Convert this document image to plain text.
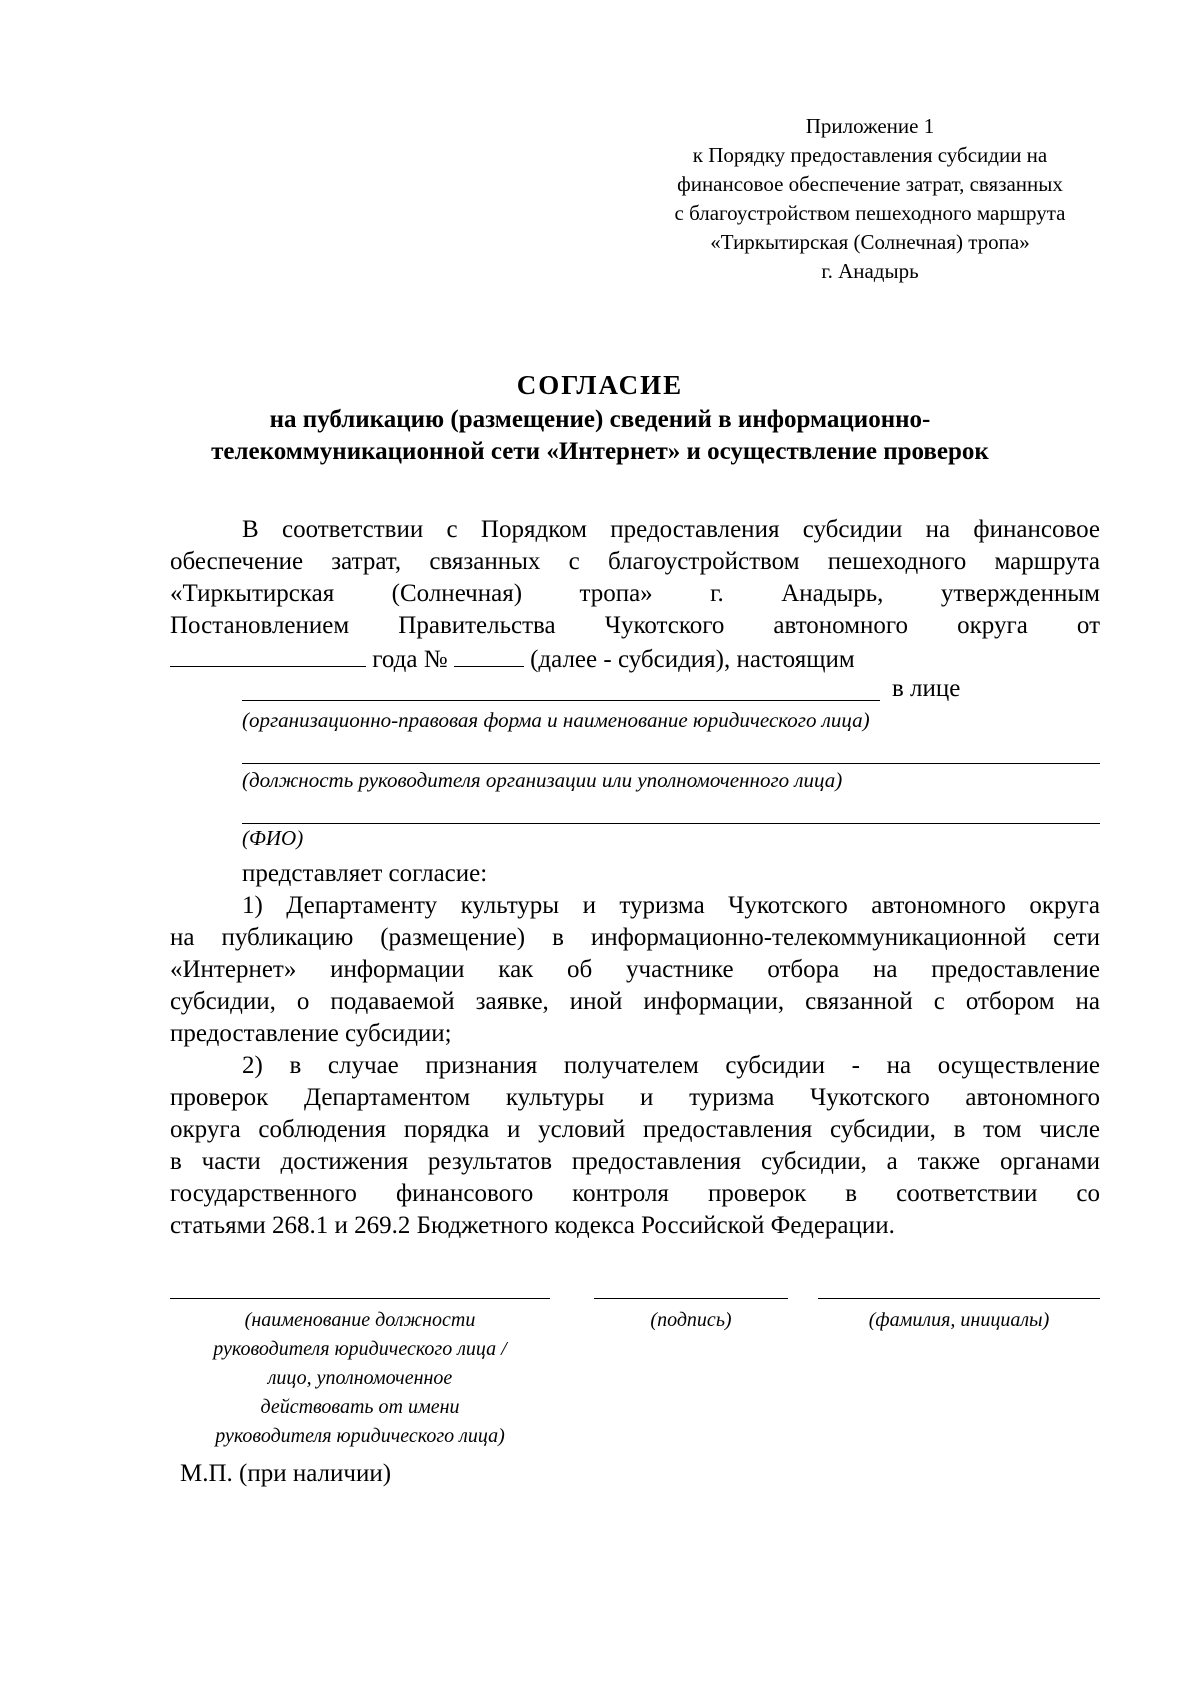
Приложение 1
к Порядку предоставления субсидии на
финансовое обеспечение затрат, связанных
с благоустройством пешеходного маршрута
«Тиркытирская (Солнечная) тропа»
г. Анадырь
СОГЛАСИЕ
на публикацию (размещение) сведений в информационно-
телекоммуникационной сети «Интернет» и осуществление проверок
В соответствии с Порядком предоставления субсидии на финансовое
обеспечение затрат, связанных с благоустройством пешеходного маршрута
«Тиркытирская (Солнечная) тропа» г. Анадырь, утвержденным
Постановлением Правительства Чукотского автономного округа от
года №	(далее - субсидия), настоящим
в лице
(организационно-правовая форма и наименование юридического лица)
(должность руководителя организации или уполномоченного лица)
(ФИО)
представляет согласие:
1) Департаменту культуры и туризма Чукотского автономного округа
на публикацию (размещение) в информационно-телекоммуникационной сети
«Интернет» информации как об участнике отбора на предоставление
субсидии, о подаваемой заявке, иной информации, связанной с отбором на
предоставление субсидии;
2) в случае признания получателем субсидии - на осуществление
проверок Департаментом культуры и туризма Чукотского автономного
округа соблюдения порядка и условий предоставления субсидии, в том числе
в части достижения результатов предоставления субсидии, а также органами
государственного финансового контроля проверок в соответствии со
статьями 268.1 и 269.2 Бюджетного кодекса Российской Федерации.
(наименование должности
руководителя юридического лица /
лицо, уполномоченное
действовать от имени
руководителя юридического лица)
(подпись)	(фамилия, инициалы)
М.П. (при наличии)
